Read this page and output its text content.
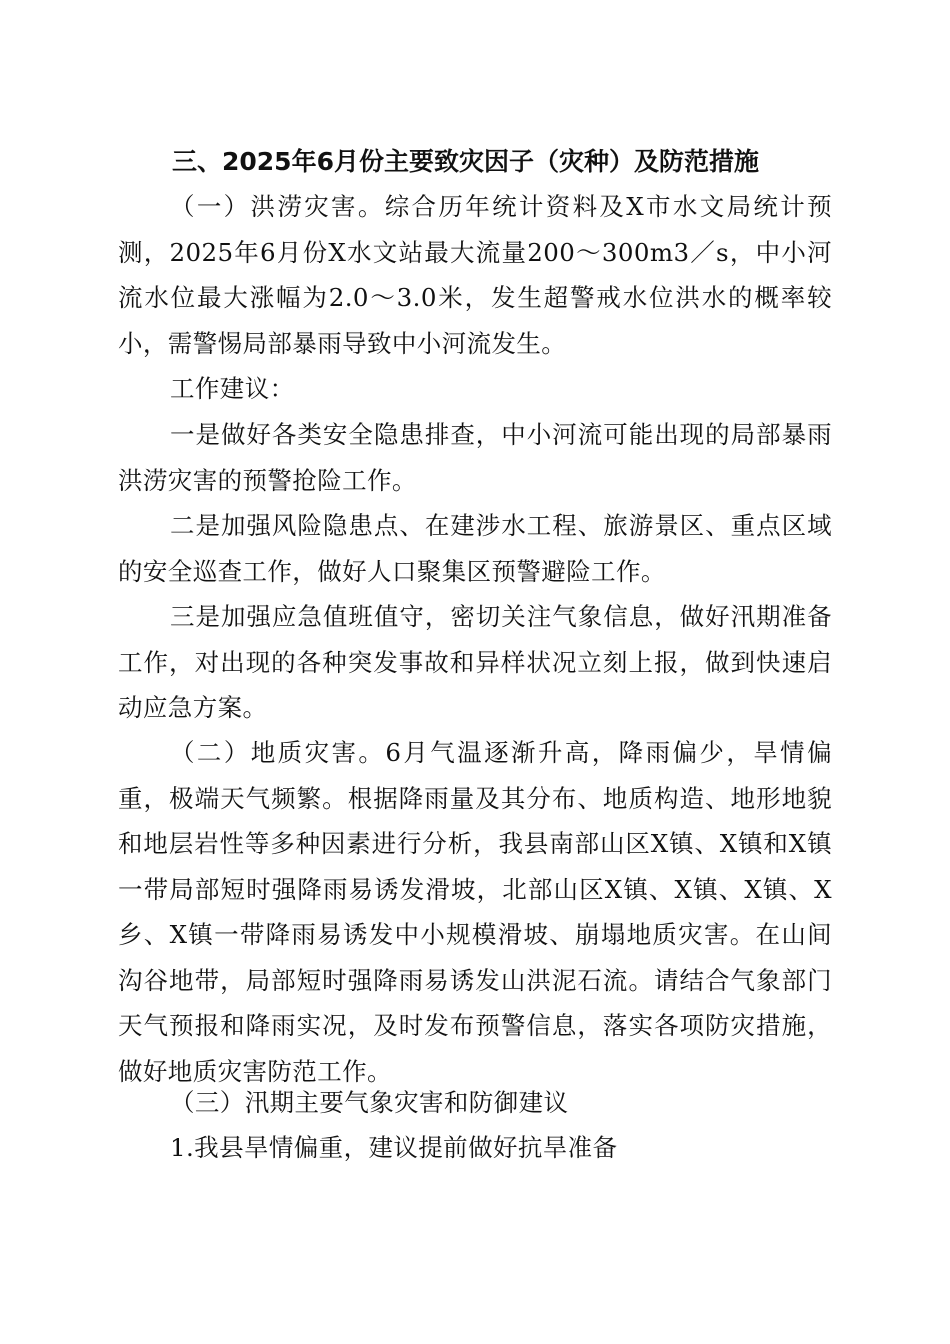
三、2025年6月份主要致灾因子（灾种）及防范措施
（一）洪涝灾害。综合历年统计资料及X市水文局统计预测，2025年6月份X水文站最大流量200～300m3／s，中小河流水位最大涨幅为2.0～3.0米，发生超警戒水位洪水的概率较小，需警惕局部暴雨导致中小河流发生。
工作建议：
一是做好各类安全隐患排查，中小河流可能出现的局部暴雨洪涝灾害的预警抢险工作。
二是加强风险隐患点、在建涉水工程、旅游景区、重点区域的安全巡查工作，做好人口聚集区预警避险工作。
三是加强应急值班值守，密切关注气象信息，做好汛期准备工作，对出现的各种突发事故和异样状况立刻上报，做到快速启动应急方案。
（二）地质灾害。6月气温逐渐升高，降雨偏少，旱情偏重，极端天气频繁。根据降雨量及其分布、地质构造、地形地貌和地层岩性等多种因素进行分析，我县南部山区X镇、X镇和X镇一带局部短时强降雨易诱发滑坡，北部山区X镇、X镇、X镇、X乡、X镇一带降雨易诱发中小规模滑坡、崩塌地质灾害。在山间沟谷地带，局部短时强降雨易诱发山洪泥石流。请结合气象部门天气预报和降雨实况，及时发布预警信息，落实各项防灾措施，做好地质灾害防范工作。
（三）汛期主要气象灾害和防御建议
1.我县旱情偏重，建议提前做好抗旱准备
